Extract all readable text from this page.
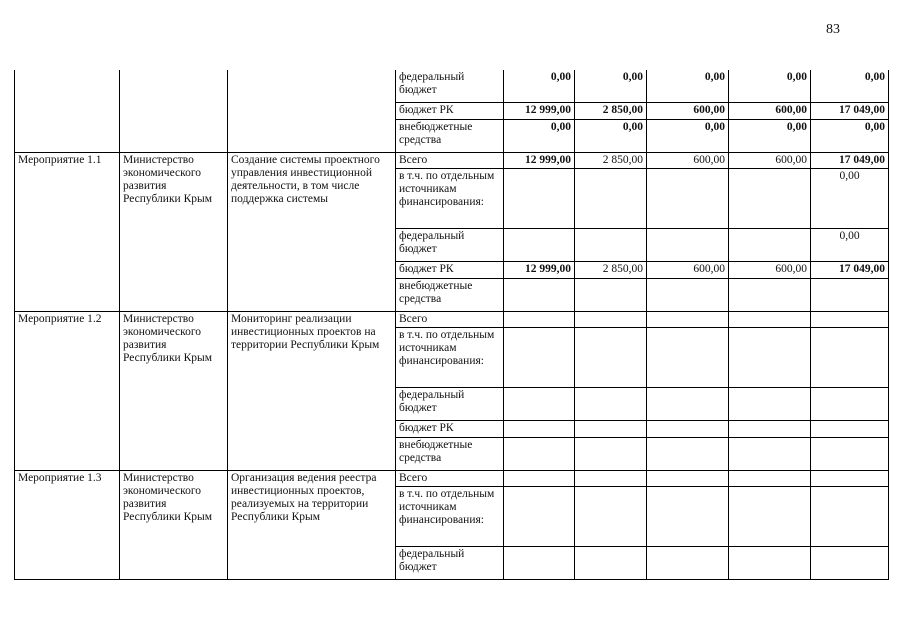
83
			федеральный бюджет	0,00	0,00	0,00	0,00	0,00
			бюджет РК	12 999,00	2 850,00	600,00	600,00	17 049,00
			внебюджетные средства	0,00	0,00	0,00	0,00	0,00
Мероприятие 1.1	Министерство экономического развития Республики Крым	Создание системы проектного управления инвестиционной деятельности, в том числе поддержка системы	Всего	12 999,00	2 850,00	600,00	600,00	17 049,00
			в т.ч. по отдельным источникам финансирования:					0,00
			федеральный бюджет					0,00
			бюджет РК	12 999,00	2 850,00	600,00	600,00	17 049,00
			внебюджетные средства					
Мероприятие 1.2	Министерство экономического развития Республики Крым	Мониторинг реализации инвестиционных проектов на территории Республики Крым	Всего					
			в т.ч. по отдельным источникам финансирования:					
			федеральный бюджет					
			бюджет РК					
			внебюджетные средства					
Мероприятие 1.3	Министерство экономического развития Республики Крым	Организация ведения реестра инвестиционных проектов, реализуемых на территории Республики Крым	Всего					
			в т.ч. по отдельным источникам финансирования:					
			федеральный бюджет					
